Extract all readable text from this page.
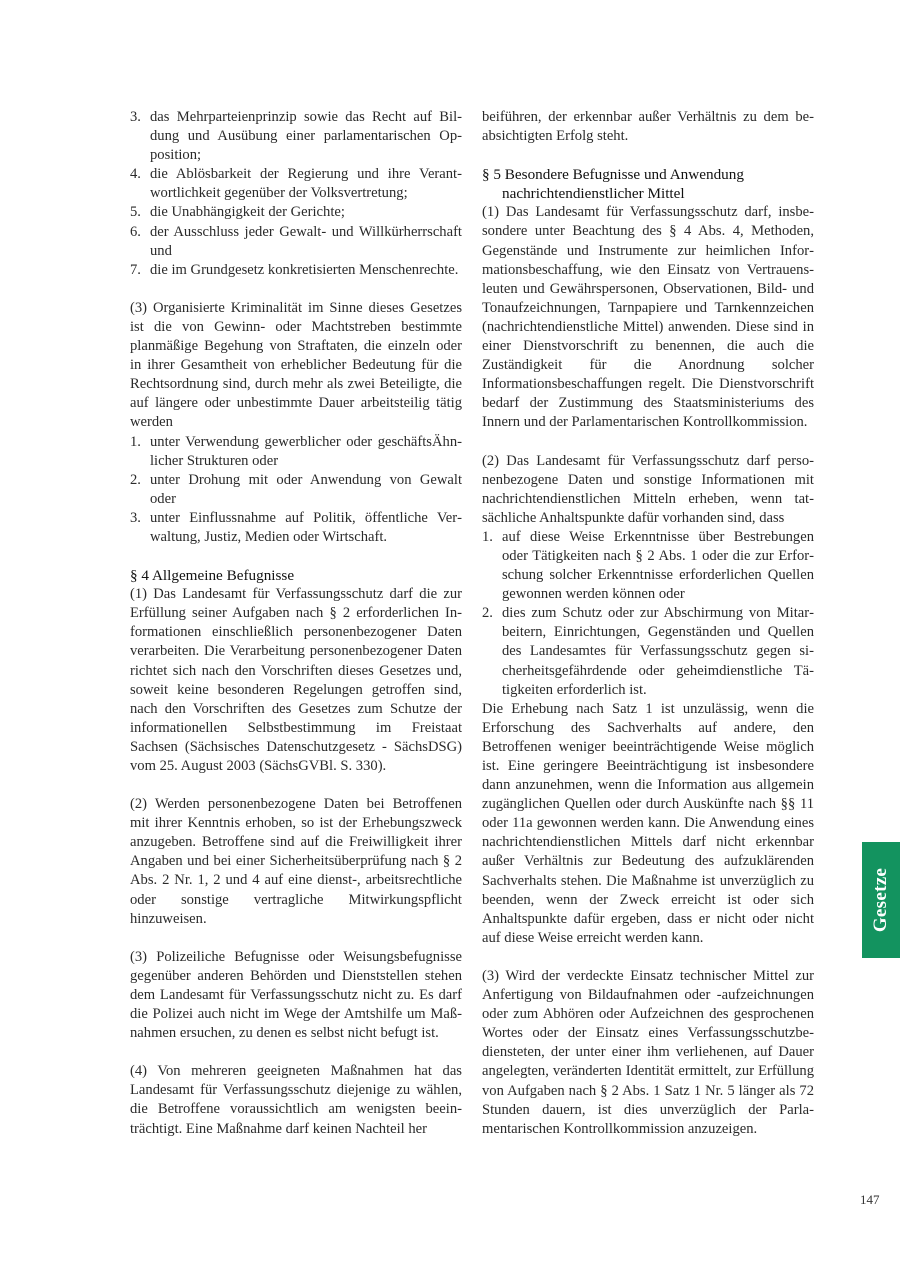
3. das Mehrparteienprinzip sowie das Recht auf Bildung und Ausübung einer parlamentarischen Opposition;
4. die Ablösbarkeit der Regierung und ihre Verantwortlichkeit gegenüber der Volksvertretung;
5. die Unabhängigkeit der Gerichte;
6. der Ausschluss jeder Gewalt- und Willkürherrschaft und
7. die im Grundgesetz konkretisierten Menschenrechte.

(3) Organisierte Kriminalität im Sinne dieses Gesetzes ist die von Gewinn- oder Machtstreben bestimmte planmäßige Begehung von Straftaten, die einzeln oder in ihrer Gesamtheit von erheblicher Bedeutung für die Rechtsordnung sind, durch mehr als zwei Beteiligte, die auf längere oder unbestimmte Dauer arbeitsteilig tätig werden

1. unter Verwendung gewerblicher oder geschäftsÄhnlicher Strukturen oder
2. unter Drohung mit oder Anwendung von Gewalt oder
3. unter Einflussnahme auf Politik, öffentliche Verwaltung, Justiz, Medien oder Wirtschaft.

§ 4 Allgemeine Befugnisse

(1) Das Landesamt für Verfassungsschutz darf die zur Erfüllung seiner Aufgaben nach § 2 erforderlichen Informationen einschließlich personenbezogener Daten verarbeiten. Die Verarbeitung personenbezogener Daten richtet sich nach den Vorschriften dieses Gesetzes und, soweit keine besonderen Regelungen getroffen sind, nach den Vorschriften des Gesetzes zum Schutze der informationellen Selbstbestimmung im Freistaat Sachsen (Sächsisches Datenschutzgesetz - SächsDSG) vom 25. August 2003 (SächsGVBl. S. 330).

(2) Werden personenbezogene Daten bei Betroffenen mit ihrer Kenntnis erhoben, so ist der Erhebungszweck anzugeben. Betroffene sind auf die Freiwilligkeit ihrer Angaben und bei einer Sicherheitsüberprüfung nach § 2 Abs. 2 Nr. 1, 2 und 4 auf eine dienst-, arbeitsrechtliche oder sonstige vertragliche Mitwirkungspflicht hinzuweisen.

(3) Polizeiliche Befugnisse oder Weisungsbefugnisse gegenüber anderen Behörden und Dienststellen stehen dem Landesamt für Verfassungsschutz nicht zu. Es darf die Polizei auch nicht im Wege der Amtshilfe um Maßnahmen ersuchen, zu denen es selbst nicht befugt ist.

(4) Von mehreren geeigneten Maßnahmen hat das Landesamt für Verfassungsschutz diejenige zu wählen, die Betroffene voraussichtlich am wenigsten beeinträchtigt. Eine Maßnahme darf keinen Nachteil her

beiführen, der erkennbar außer Verhältnis zu dem beabsichtigten Erfolg steht.

§ 5 Besondere Befugnisse und Anwendung
nachrichtendienstlicher Mittel

(1) Das Landesamt für Verfassungsschutz darf, insbesondere unter Beachtung des § 4 Abs. 4, Methoden, Gegenstände und Instrumente zur heimlichen Informationsbeschaffung, wie den Einsatz von Vertrauensleuten und Gewährspersonen, Observationen, Bild- und Tonaufzeichnungen, Tarnpapiere und Tarnkennzeichen (nachrichtendienstliche Mittel) anwenden. Diese sind in einer Dienstvorschrift zu benennen, die auch die Zuständigkeit für die Anordnung solcher Informationsbeschaffungen regelt. Die Dienstvorschrift bedarf der Zustimmung des Staatsministeriums des Innern und der Parlamentarischen Kontrollkommission.

(2) Das Landesamt für Verfassungsschutz darf personenbezogene Daten und sonstige Informationen mit nachrichtendienstlichen Mitteln erheben, wenn tatsächliche Anhaltspunkte dafür vorhanden sind, dass

1. auf diese Weise Erkenntnisse über Bestrebungen oder Tätigkeiten nach § 2 Abs. 1 oder die zur Erforschung solcher Erkenntnisse erforderlichen Quellen gewonnen werden können oder
2. dies zum Schutz oder zur Abschirmung von Mitarbeitern, Einrichtungen, Gegenständen und Quellen des Landesamtes für Verfassungsschutz gegen sicherheitsgefährdende oder geheimdienstliche Tätigkeiten erforderlich ist.

Die Erhebung nach Satz 1 ist unzulässig, wenn die Erforschung des Sachverhalts auf andere, den Betroffenen weniger beeinträchtigende Weise möglich ist. Eine geringere Beeinträchtigung ist insbesondere dann anzunehmen, wenn die Information aus allgemein zugänglichen Quellen oder durch Auskünfte nach §§ 11 oder 11a gewonnen werden kann. Die Anwendung eines nachrichtendienstlichen Mittels darf nicht erkennbar außer Verhältnis zur Bedeutung des aufzuklärenden Sachverhalts stehen. Die Maßnahme ist unverzüglich zu beenden, wenn der Zweck erreicht ist oder sich Anhaltspunkte dafür ergeben, dass er nicht oder nicht auf diese Weise erreicht werden kann.

(3) Wird der verdeckte Einsatz technischer Mittel zur Anfertigung von Bildaufnahmen oder -aufzeichnungen oder zum Abhören oder Aufzeichnen des gesprochenen Wortes oder der Einsatz eines Verfassungsschutzbediensteten, der unter einer ihm verliehenen, auf Dauer angelegten, veränderten Identität ermittelt, zur Erfüllung von Aufgaben nach § 2 Abs. 1 Satz 1 Nr. 5 länger als 72 Stunden dauern, ist dies unverzüglich der Parlamentarischen Kontrollkommission anzuzeigen.

Gesetze
147
